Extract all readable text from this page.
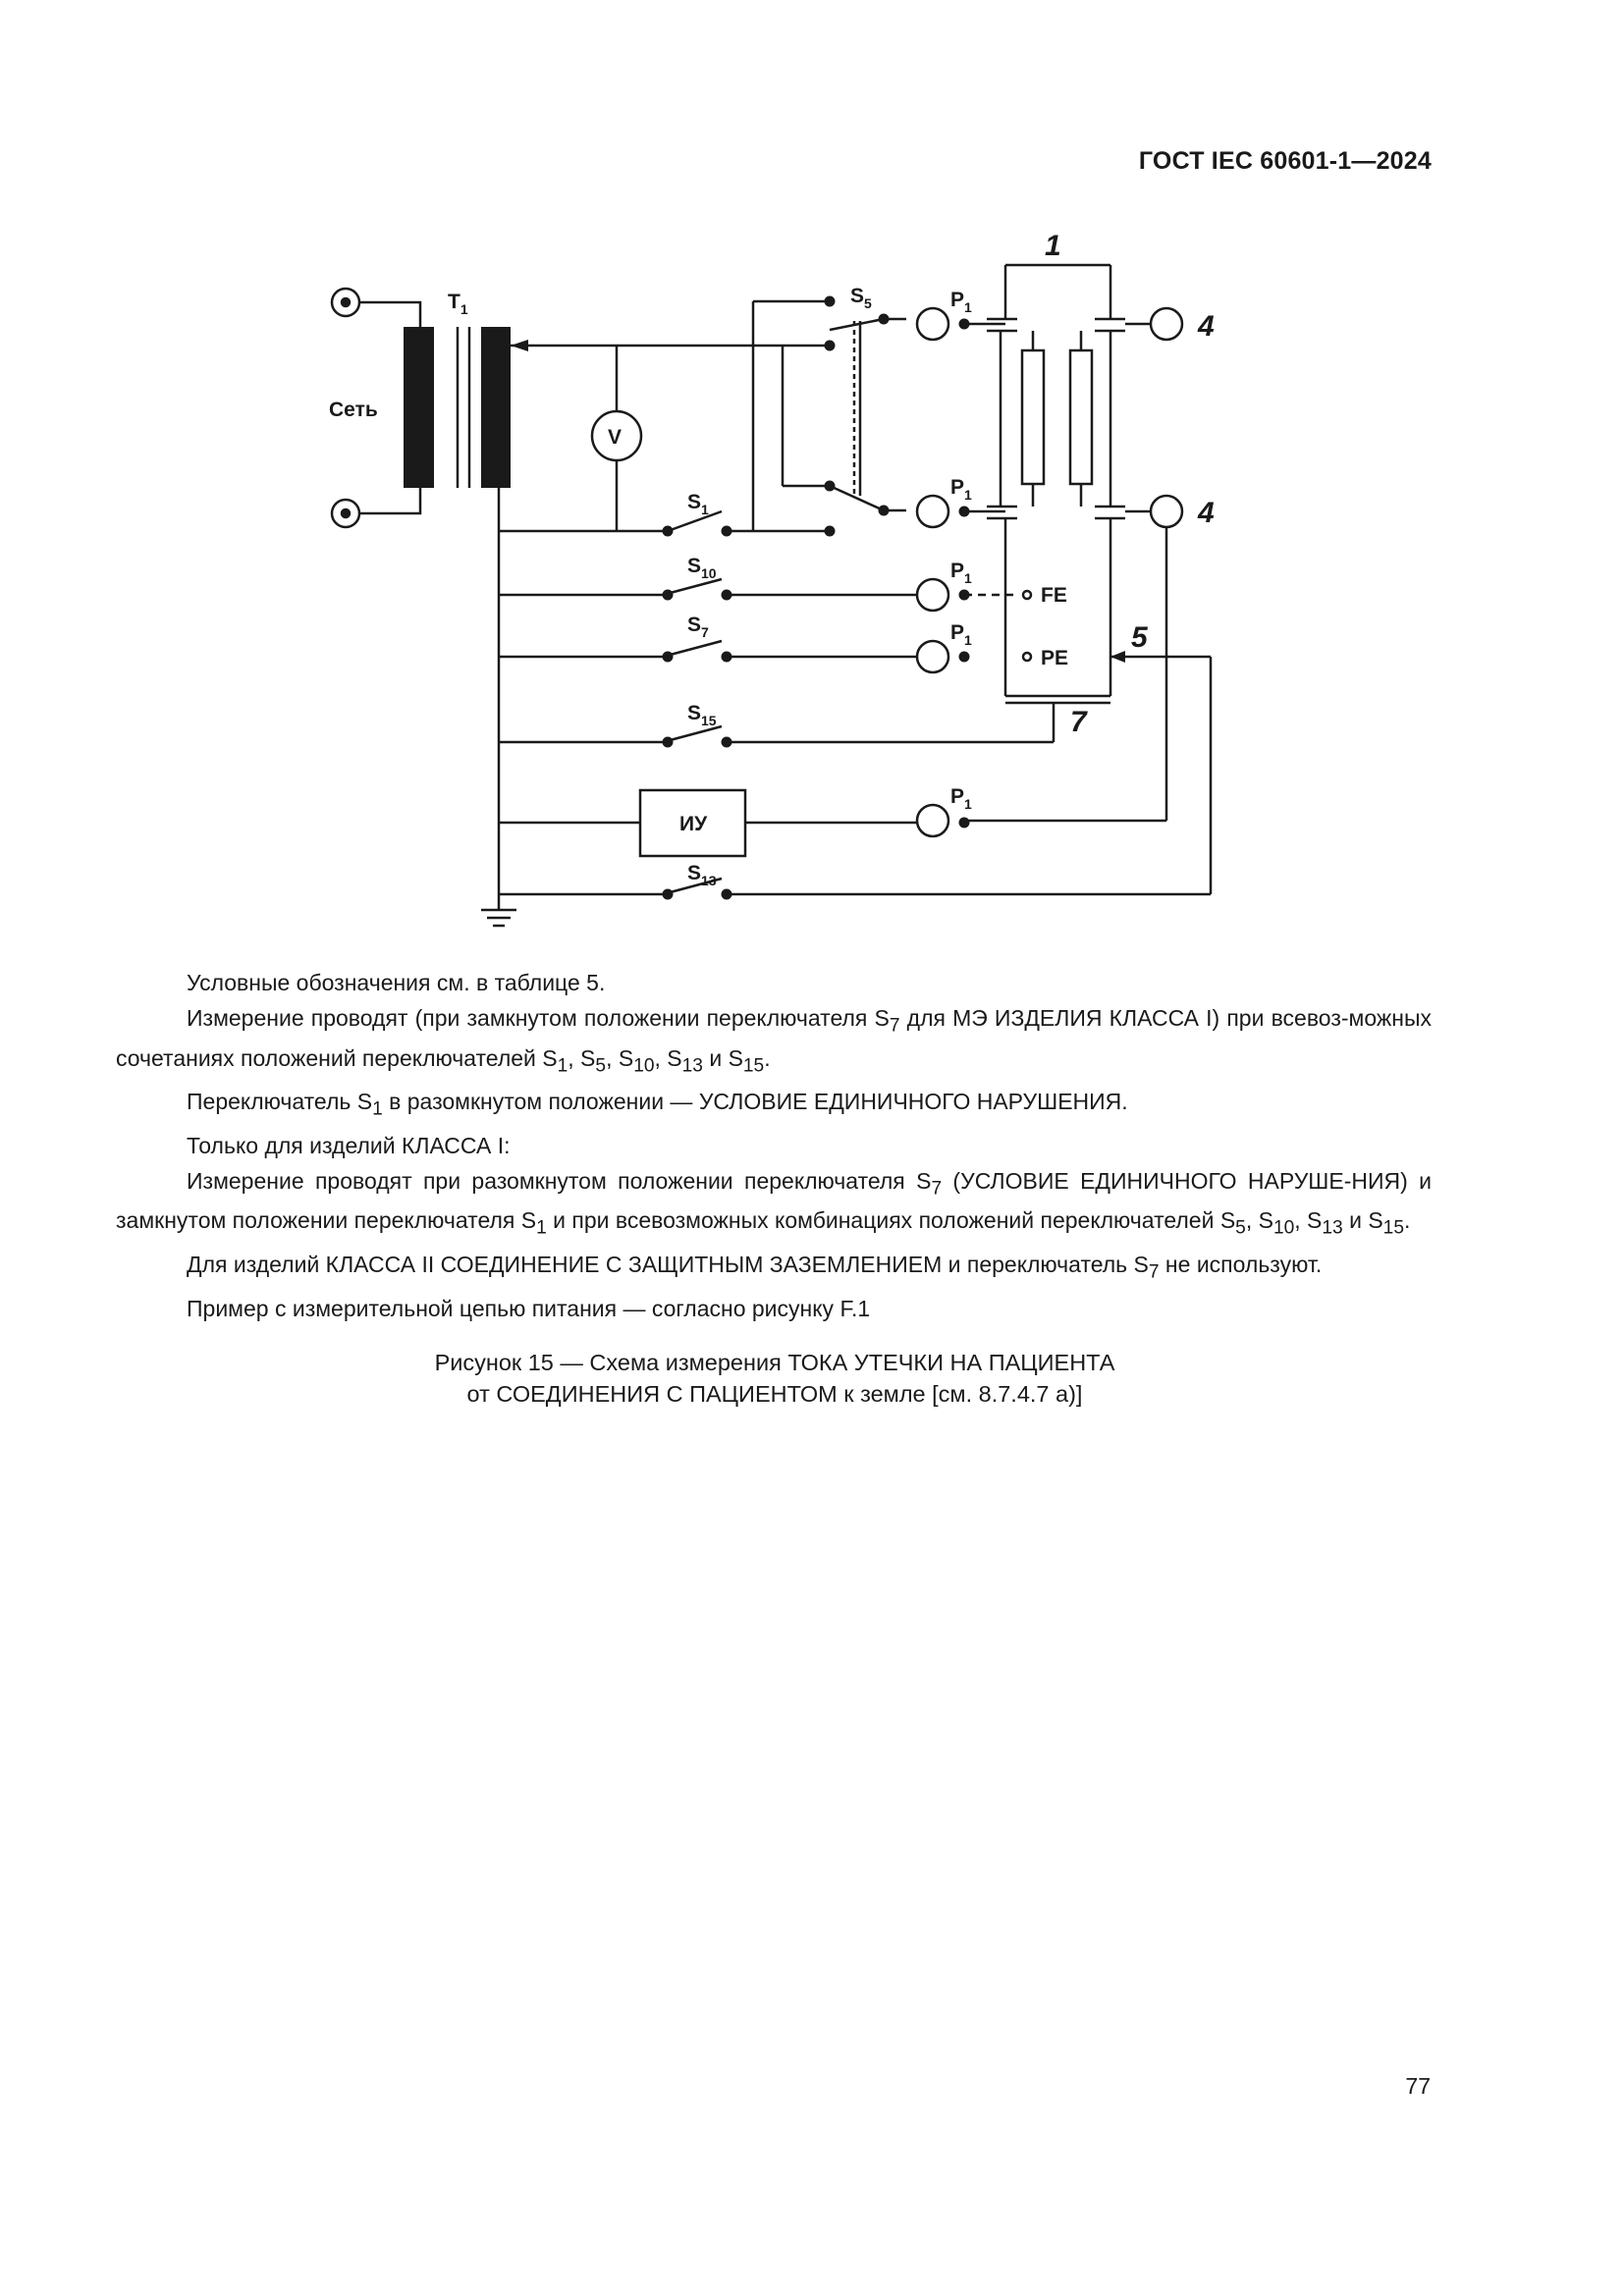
ГОСТ IEC 60601-1—2024
Сеть
$T_1$
V
$S_5$
$S_1$
$S_{10}$
$S_7$
$S_{15}$
$S_{13}$
$P_1$
$P_1$
$P_1$
$P_1$
$P_1$
FE
PE
ИУ
1
4
4
5
7

Условные обозначения см. в таблице 5.

Измерение проводят (при замкнутом положении переключателя $S_7$ для МЭ ИЗДЕЛИЯ КЛАССА I) при всевоз-можных сочетаниях положений переключателей $S_1$, $S_5$, $S_{10}$, $S_{13}$ и $S_{15}$.

Переключатель $S_1$ в разомкнутом положении — УСЛОВИЕ ЕДИНИЧНОГО НАРУШЕНИЯ.

Только для изделий КЛАССА I:

Измерение проводят при разомкнутом положении переключателя $S_7$ (УСЛОВИЕ ЕДИНИЧНОГО НАРУШЕ-НИЯ) и замкнутом положении переключателя $S_1$ и при всевозможных комбинациях положений переключателей $S_5$, $S_{10}$, $S_{13}$ и $S_{15}$.

Для изделий КЛАССА II СОЕДИНЕНИЕ С ЗАЩИТНЫМ ЗАЗЕМЛЕНИЕМ и переключатель $S_7$ не используют.

Пример с измерительной цепью питания — согласно рисунку F.1

Рисунок 15 — Схема измерения ТОКА УТЕЧКИ НА ПАЦИЕНТА
от СОЕДИНЕНИЯ С ПАЦИЕНТОМ к земле [см. 8.7.4.7 a)]
77
